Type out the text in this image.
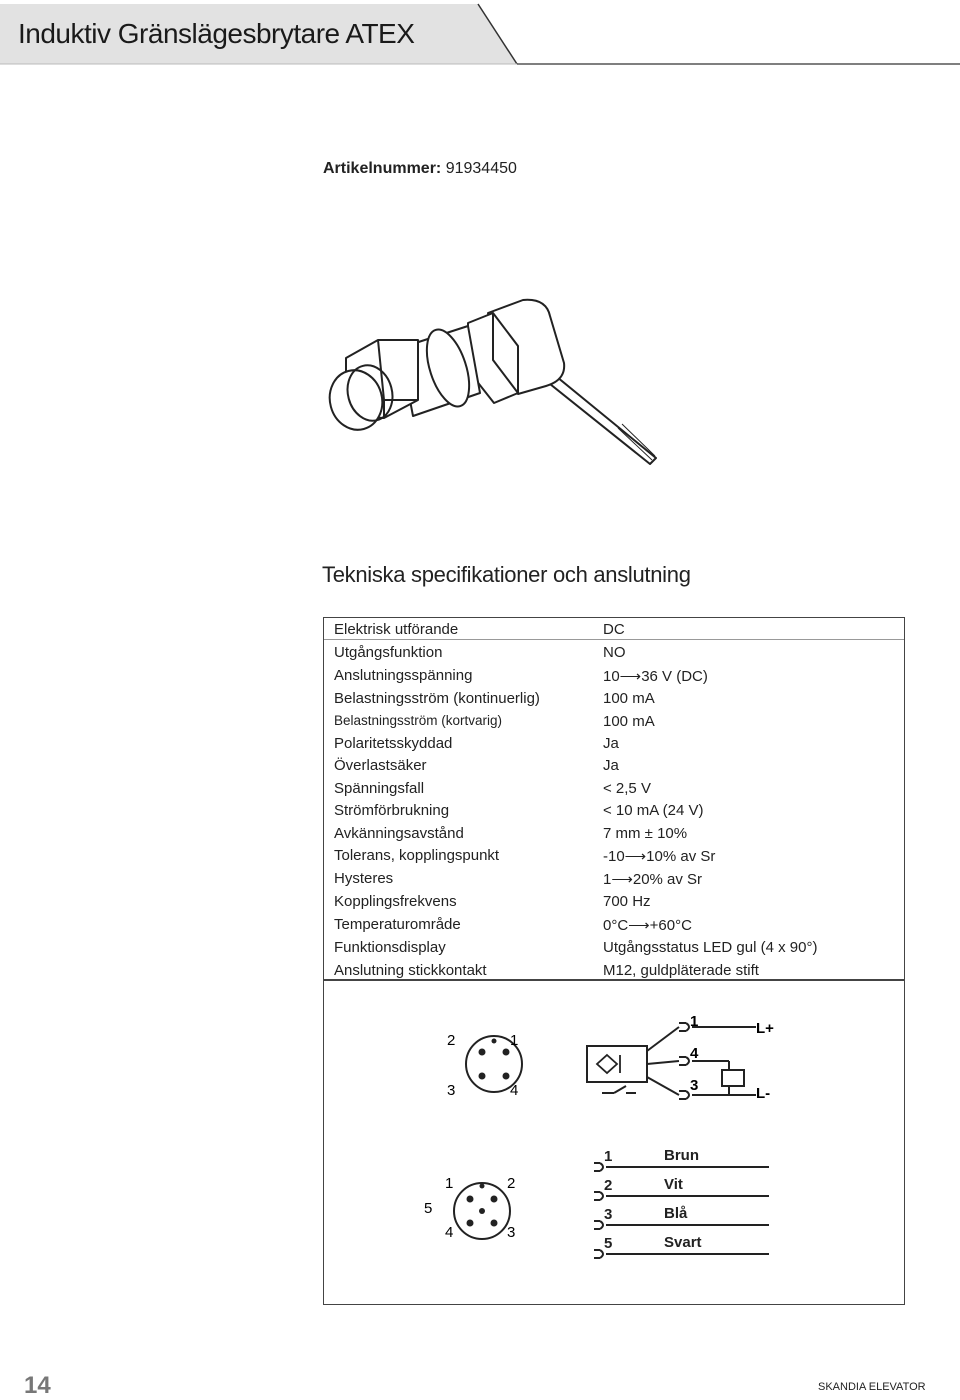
Induktiv Gränslägesbrytare ATEX
Artikelnummer: 91934450
Tekniska specifikationer och anslutning
Elektrisk utförande	DC
Utgångsfunktion	NO
Anslutningsspänning	10⟶36 V (DC)
Belastningsström (kontinuerlig)	100 mA
Belastningsström (kortvarig)	100 mA
Polaritetsskyddad	Ja
Överlastsäker	Ja
Spänningsfall	< 2,5 V
Strömförbrukning	< 10 mA (24 V)
Avkänningsavstånd	7 mm ± 10%
Tolerans, kopplingspunkt	-10⟶10% av Sr
Hysteres	1⟶20% av Sr
Kopplingsfrekvens	700 Hz
Temperaturområde	0°C⟶+60°C
Funktionsdisplay	Utgångsstatus LED gul (4 x 90°)
Anslutning stickkontakt	M12, guldpläterade stift
2	1
3	4
1
4
3
L+
L-
1	2
5
4	3
1	Brun
2	Vit
3	Blå
5	Svart
14	SKANDIA ELEVATOR
